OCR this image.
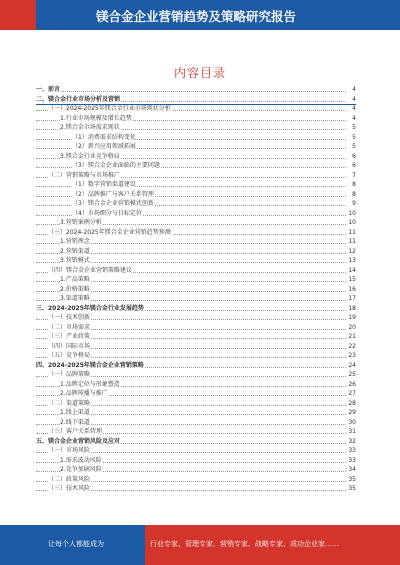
镁合金企业营销趋势及策略研究报告
内容目录
一、前言	4
二、镁合金行业市场分析及营销	4
（一）2024-2025年镁合金行业市场现状分析	4
1.行业市场规模及增长趋势	4
2.镁合金市场需求现状	5
（1）消费需求结构变化	5
（2）新兴应用领域拓展	5
3.镁合金行业竞争格局	6
（3）镁合金企业面临的主要问题	6
（二）营销策略与市场推广	7
（1）数字营销渠道建设	8
（2）品牌推广与客户关系管理	8
（3）镁合金企业营销模式创新	9
（4）市场细分与目标定位	10
3.营销案例分析	10
（三）2024-2025年镁合金企业营销趋势预测	11
1.营销理念	11
2.营销渠道	12
3.营销模式	13
（四）镁合金企业营销策略建议	14
1.产品策略	15
2.价格策略	16
3.渠道策略	17
三、2024-2025年镁合金行业发展趋势	18
（一）技术创新	19
（二）市场需求	20
（三）产业政策	21
（四）国际市场	22
（五）竞争格局	23
四、2024-2025年镁合金企业营销策略	24
（一）品牌策略	25
1.品牌定位与形象塑造	26
2.品牌传播与推广	27
（二）渠道策略	28
1.线上渠道	29
2.线下渠道	30
（三）客户关系管理	31
五、镁合金企业营销风险及应对	32
（一）市场风险	33
1.需求波动风险	33
2.竞争加剧风险	34
（二）政策风险	35
（三）技术风险	35
让每个人都能成为	行业专家、管理专家、营销专家、战略专家、成功企业家……
